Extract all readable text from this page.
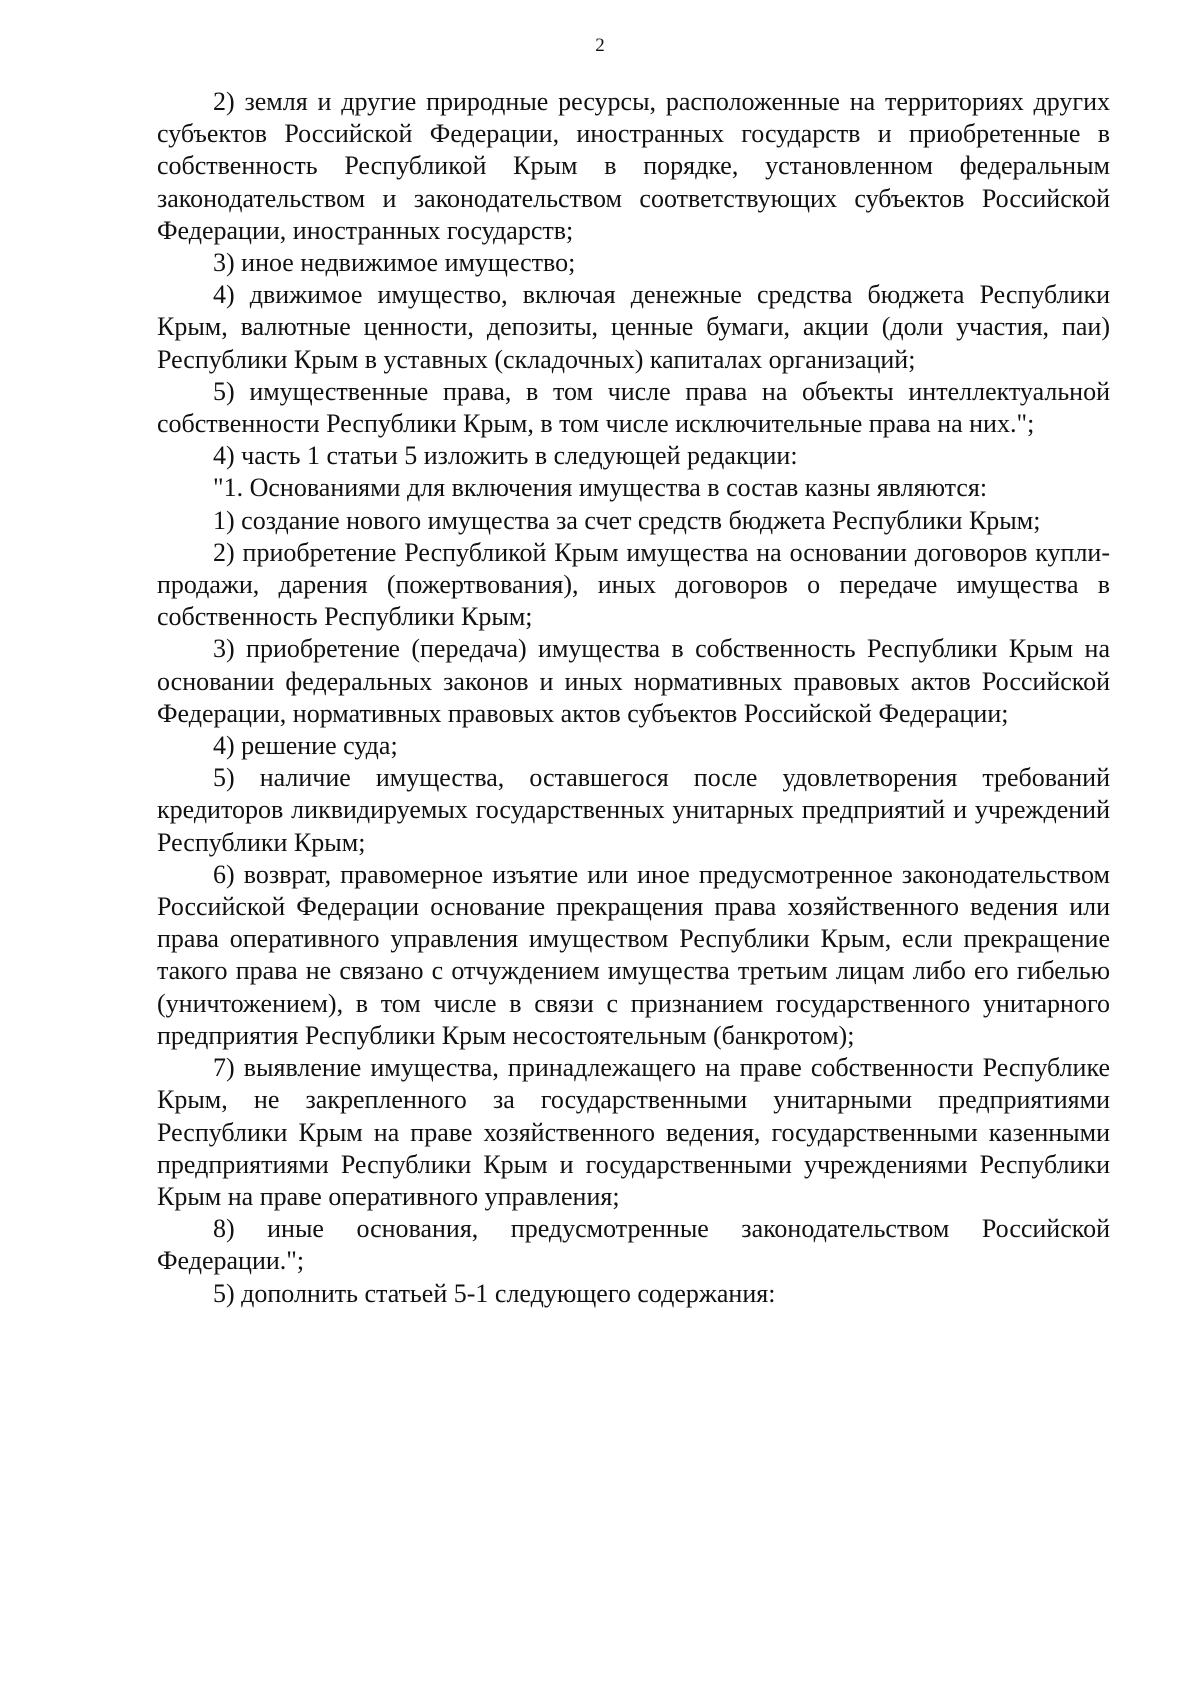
2

2) земля и другие природные ресурсы, расположенные на территориях других субъектов Российской Федерации, иностранных государств и приобретенные в собственность Республикой Крым в порядке, установленном федеральным законодательством и законодательством соответствующих субъектов Российской Федерации, иностранных государств;

3) иное недвижимое имущество;

4) движимое имущество, включая денежные средства бюджета Республики Крым, валютные ценности, депозиты, ценные бумаги, акции (доли участия, паи) Республики Крым в уставных (складочных) капиталах организаций;

5) имущественные права, в том числе права на объекты интеллектуальной собственности Республики Крым, в том числе исключительные права на них.";

4) часть 1 статьи 5 изложить в следующей редакции:

"1. Основаниями для включения имущества в состав казны являются:

1) создание нового имущества за счет средств бюджета Республики Крым;

2) приобретение Республикой Крым имущества на основании договоров купли-продажи, дарения (пожертвования), иных договоров о передаче имущества в собственность Республики Крым;

3) приобретение (передача) имущества в собственность Республики Крым на основании федеральных законов и иных нормативных правовых актов Российской Федерации, нормативных правовых актов субъектов Российской Федерации;

4) решение суда;

5) наличие имущества, оставшегося после удовлетворения требований кредиторов ликвидируемых государственных унитарных предприятий и учреждений Республики Крым;

6) возврат, правомерное изъятие или иное предусмотренное законодательством Российской Федерации основание прекращения права хозяйственного ведения или права оперативного управления имуществом Республики Крым, если прекращение такого права не связано с отчуждением имущества третьим лицам либо его гибелью (уничтожением), в том числе в связи с признанием государственного унитарного предприятия Республики Крым несостоятельным (банкротом);

7) выявление имущества, принадлежащего на праве собственности Республике Крым, не закрепленного за государственными унитарными предприятиями Республики Крым на праве хозяйственного ведения, государственными казенными предприятиями Республики Крым и государственными учреждениями Республики Крым на праве оперативного управления;

8) иные основания, предусмотренные законодательством Российской Федерации.";

5) дополнить статьей 5-1 следующего содержания:
